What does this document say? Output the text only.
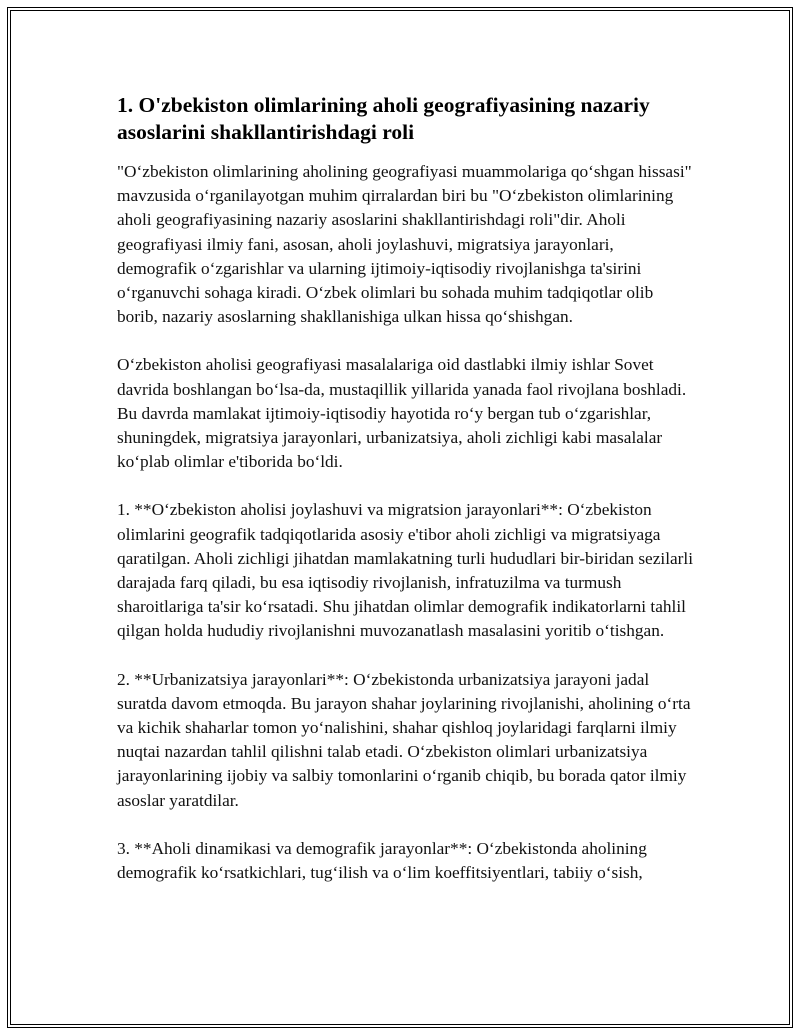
1. O'zbekiston olimlarining aholi geografiyasining nazariy asoslarini shakllantirishdagi roli

"O‘zbekiston olimlarining aholining geografiyasi muammolariga qo‘shgan hissasi" mavzusida o‘rganilayotgan muhim qirralardan biri bu "O‘zbekiston olimlarining aholi geografiyasining nazariy asoslarini shakllantirishdagi roli"dir. Aholi geografiyasi ilmiy fani, asosan, aholi joylashuvi, migratsiya jarayonlari, demografik o‘zgarishlar va ularning ijtimoiy-iqtisodiy rivojlanishga ta'sirini o‘rganuvchi sohaga kiradi. O‘zbek olimlari bu sohada muhim tadqiqotlar olib borib, nazariy asoslarning shakllanishiga ulkan hissa qo‘shishgan.

O‘zbekiston aholisi geografiyasi masalalariga oid dastlabki ilmiy ishlar Sovet davrida boshlangan bo‘lsa-da, mustaqillik yillarida yanada faol rivojlana boshladi. Bu davrda mamlakat ijtimoiy-iqtisodiy hayotida ro‘y bergan tub o‘zgarishlar, shuningdek, migratsiya jarayonlari, urbanizatsiya, aholi zichligi kabi masalalar ko‘plab olimlar e'tiborida bo‘ldi.

1. **O‘zbekiston aholisi joylashuvi va migratsion jarayonlari**: O‘zbekiston olimlarini geografik tadqiqotlarida asosiy e'tibor aholi zichligi va migratsiyaga qaratilgan. Aholi zichligi jihatdan mamlakatning turli hududlari bir-biridan sezilarli darajada farq qiladi, bu esa iqtisodiy rivojlanish, infratuzilma va turmush sharoitlariga ta'sir ko‘rsatadi. Shu jihatdan olimlar demografik indikatorlarni tahlil qilgan holda hududiy rivojlanishni muvozanatlash masalasini yoritib o‘tishgan.

2. **Urbanizatsiya jarayonlari**: O‘zbekistonda urbanizatsiya jarayoni jadal suratda davom etmoqda. Bu jarayon shahar joylarining rivojlanishi, aholining o‘rta va kichik shaharlar tomon yo‘nalishini, shahar qishloq joylaridagi farqlarni ilmiy nuqtai nazardan tahlil qilishni talab etadi. O‘zbekiston olimlari urbanizatsiya jarayonlarining ijobiy va salbiy tomonlarini o‘rganib chiqib, bu borada qator ilmiy asoslar yaratdilar.

3. **Aholi dinamikasi va demografik jarayonlar**: O‘zbekistonda aholining demografik ko‘rsatkichlari, tug‘ilish va o‘lim koeffitsiyentlari, tabiiy o‘sish,
